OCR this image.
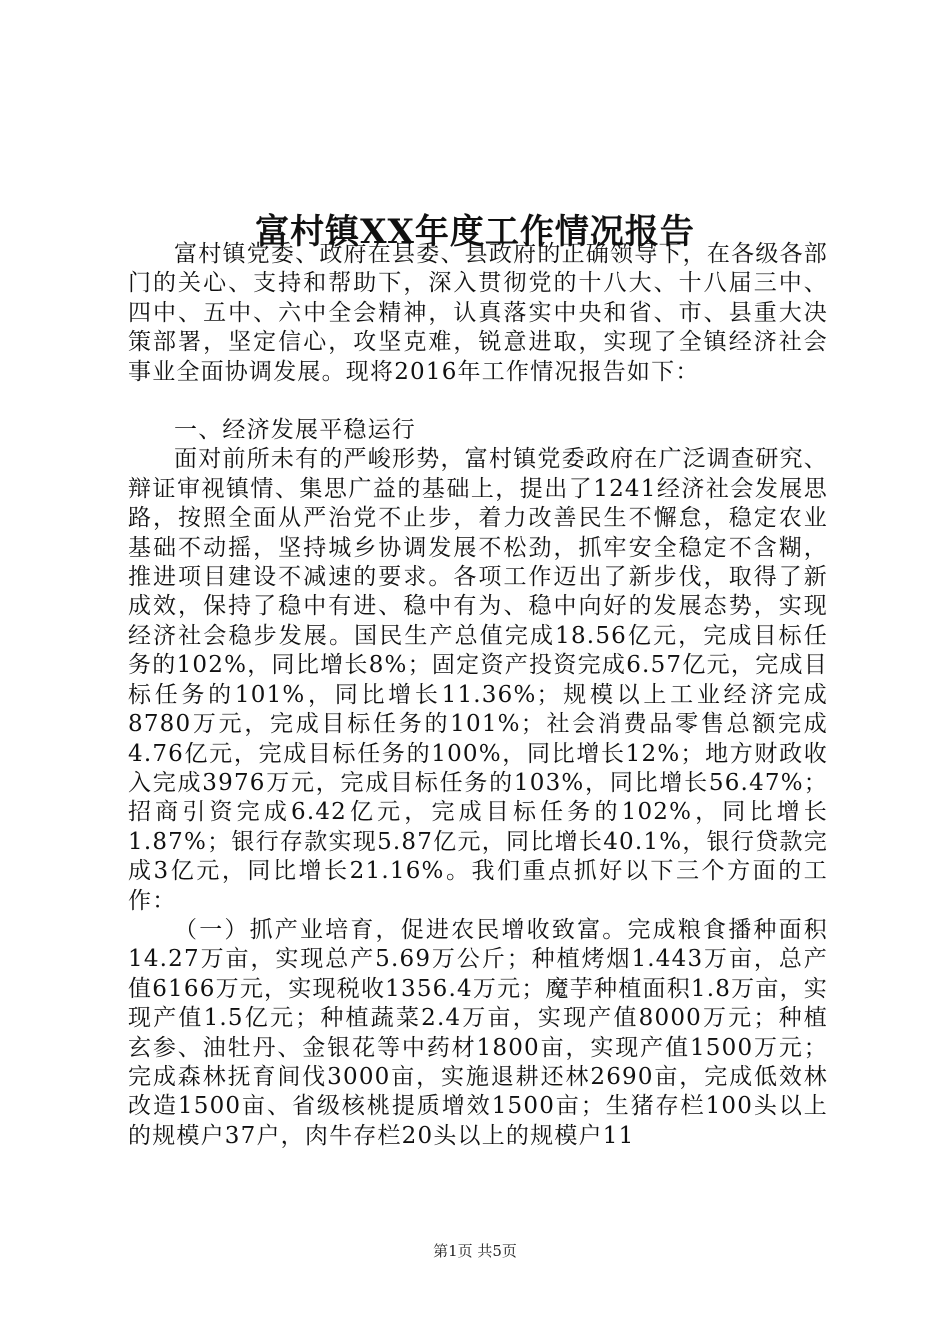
富村镇XX年度工作情况报告

富村镇党委、政府在县委、县政府的正确领导下，在各级各部门的关心、支持和帮助下，深入贯彻党的十八大、十八届三中、四中、五中、六中全会精神，认真落实中央和省、市、县重大决策部署，坚定信心，攻坚克难，锐意进取，实现了全镇经济社会事业全面协调发展。现将2016年工作情况报告如下：

一、经济发展平稳运行

面对前所未有的严峻形势，富村镇党委政府在广泛调查研究、辩证审视镇情、集思广益的基础上，提出了1241经济社会发展思路，按照全面从严治党不止步，着力改善民生不懈怠，稳定农业基础不动摇，坚持城乡协调发展不松劲，抓牢安全稳定不含糊，推进项目建设不减速的要求。各项工作迈出了新步伐，取得了新成效，保持了稳中有进、稳中有为、稳中向好的发展态势，实现经济社会稳步发展。国民生产总值完成18.56亿元，完成目标任务的102%，同比增长8%；固定资产投资完成6.57亿元，完成目标任务的101%，同比增长11.36%；规模以上工业经济完成8780万元，完成目标任务的101%；社会消费品零售总额完成4.76亿元，完成目标任务的100%，同比增长12%；地方财政收入完成3976万元，完成目标任务的103%，同比增长56.47%；招商引资完成6.42亿元，完成目标任务的102%，同比增长1.87%；银行存款实现5.87亿元，同比增长40.1%，银行贷款完成3亿元，同比增长21.16%。我们重点抓好以下三个方面的工作：

（一）抓产业培育，促进农民增收致富。完成粮食播种面积14.27万亩，实现总产5.69万公斤；种植烤烟1.443万亩，总产值6166万元，实现税收1356.4万元；魔芋种植面积1.8万亩，实现产值1.5亿元；种植蔬菜2.4万亩，实现产值8000万元；种植玄参、油牡丹、金银花等中药材1800亩，实现产值1500万元；完成森林抚育间伐3000亩，实施退耕还林2690亩，完成低效林改造1500亩、省级核桃提质增效1500亩；生猪存栏100头以上的规模户37户，肉牛存栏20头以上的规模户11

第1页 共5页
